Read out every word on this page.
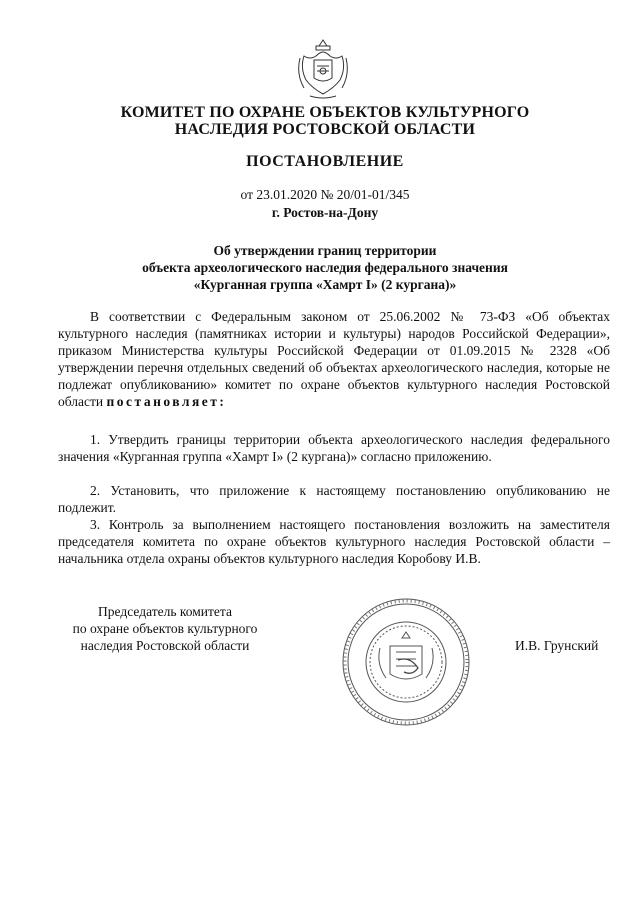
КОМИТЕТ ПО ОХРАНЕ ОБЪЕКТОВ КУЛЬТУРНОГО
НАСЛЕДИЯ РОСТОВСКОЙ ОБЛАСТИ
ПОСТАНОВЛЕНИЕ
от 23.01.2020 № 20/01-01/345
г. Ростов-на-Дону
Об утверждении границ территории
объекта археологического наследия федерального значения
«Курганная группа «Хамрт I» (2 кургана)»
В соответствии с Федеральным законом от 25.06.2002 № 73-ФЗ «Об объектах культурного наследия (памятниках истории и культуры) народов Российской Федерации», приказом Министерства культуры Российской Федерации от 01.09.2015 № 2328 «Об утверждении перечня отдельных сведений об объектах археологического наследия, которые не подлежат опубликованию» комитет по охране объектов культурного наследия Ростовской области постановляет:
1. Утвердить границы территории объекта археологического наследия федерального значения «Курганная группа «Хамрт I» (2 кургана)» согласно приложению.
2. Установить, что приложение к настоящему постановлению опубликованию не подлежит.
3. Контроль за выполнением настоящего постановления возложить на заместителя председателя комитета по охране объектов культурного наследия Ростовской области – начальника отдела охраны объектов культурного наследия Коробову И.В.
Председатель комитета
по охране объектов культурного
наследия Ростовской области	И.В. Грунский
